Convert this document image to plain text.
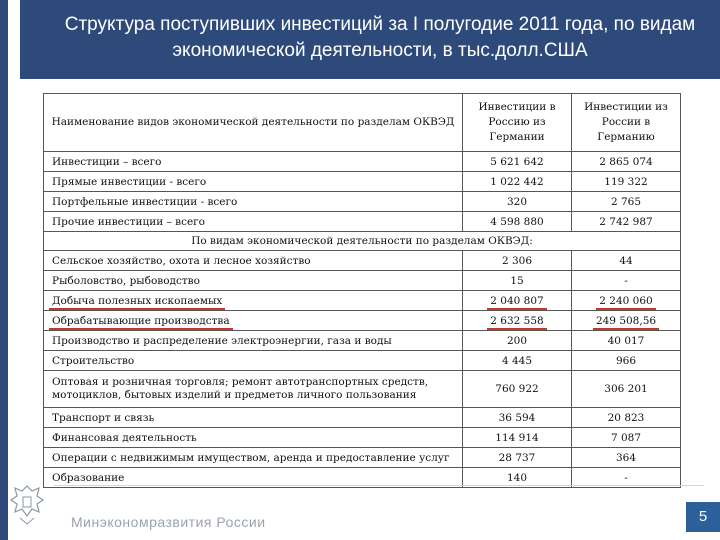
Структура поступивших инвестиций за I полугодие 2011 года, по видам экономической деятельности, в тыс.долл.США
Наименование видов экономической деятельности по разделам ОКВЭД	Инвестиции в Россию из Германии	Инвестиции из России в Германию
Инвестиции – всего	5 621 642	2 865 074
Прямые инвестиции - всего	1 022 442	119 322
Портфельные инвестиции - всего	320	2 765
Прочие инвестиции – всего	4 598 880	2 742 987
По видам экономической деятельности по разделам ОКВЭД:		
Сельское хозяйство, охота и лесное хозяйство	2 306	44
Рыболовство, рыбоводство	15	-
Добыча полезных ископаемых	2 040 807	2 240 060
Обрабатывающие производства	2 632 558	249 508,56
Производство и распределение электроэнергии, газа и воды	200	40 017
Строительство	4 445	966
Оптовая и розничная торговля; ремонт автотранспортных средств, мотоциклов, бытовых изделий и предметов личного пользования	760 922	306 201
Транспорт и связь	36 594	20 823
Финансовая деятельность	114 914	7 087
Операции с недвижимым имуществом, аренда и предоставление услуг	28 737	364
Образование	140	-
Минэкономразвития России	5
